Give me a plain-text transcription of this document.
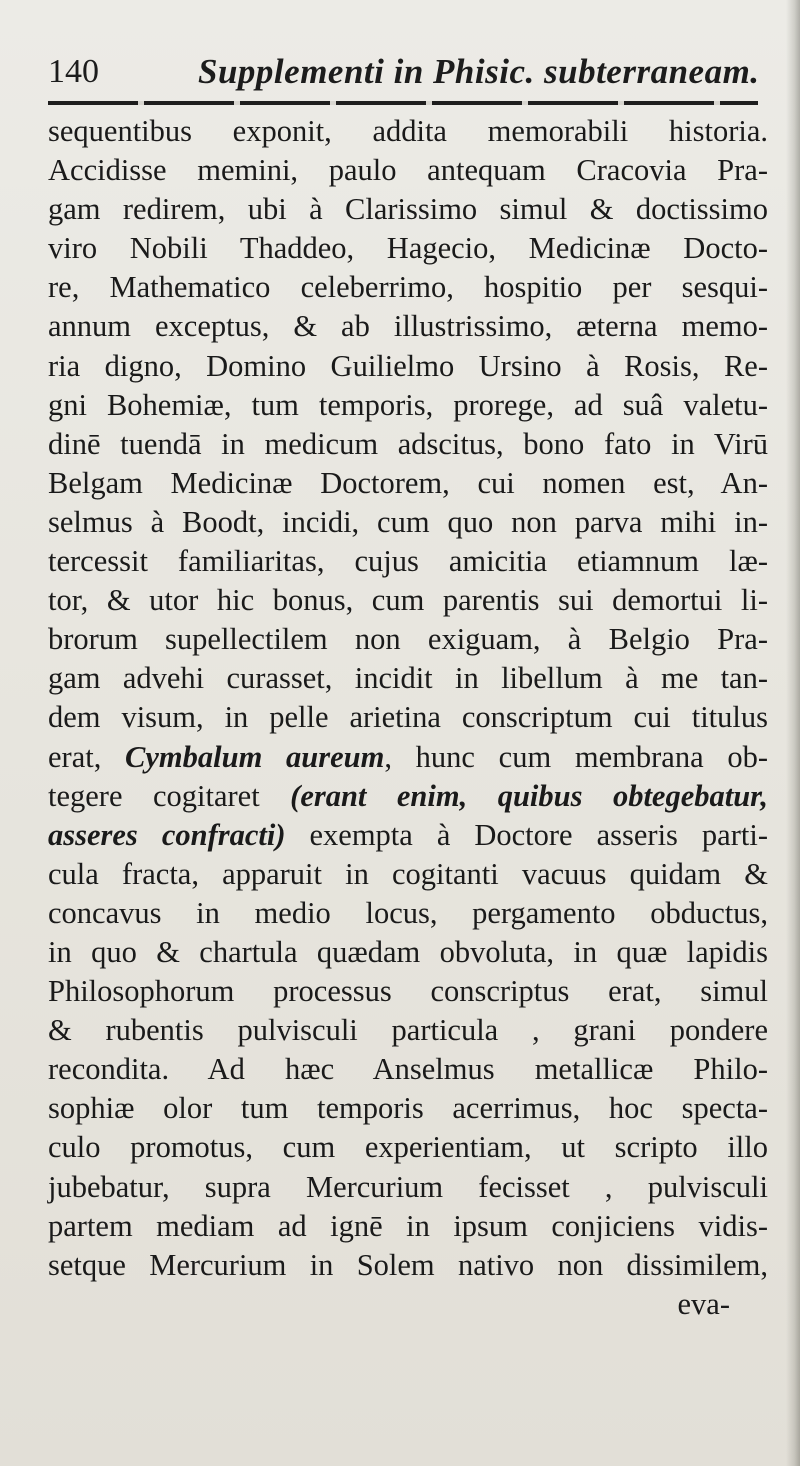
140	Supplementi in Phisic. subterraneam.
sequentibus exponit, addita memorabili historia.
Accidisse memini, paulo antequam Cracovia Pra-
gam redirem, ubi à Clarissimo simul & doctissimo
viro Nobili Thaddeo, Hagecio, Medicinæ Docto-
re, Mathematico celeberrimo, hospitio per sesqui-
annum exceptus, & ab illustrissimo, æterna memo-
ria digno, Domino Guilielmo Ursino à Rosis, Re-
gni Bohemiæ, tum temporis, prorege, ad suâ valetu-
dinē tuendā in medicum adscitus, bono fato in Virū
Belgam Medicinæ Doctorem, cui nomen est, An-
selmus à Boodt, incidi, cum quo non parva mihi in-
tercessit familiaritas, cujus amicitia etiamnum læ-
tor, & utor hic bonus, cum parentis sui demortui li-
brorum supellectilem non exiguam, à Belgio Pra-
gam advehi curasset, incidit in libellum à me tan-
dem visum, in pelle arietina conscriptum cui titulus
erat, Cymbalum aureum, hunc cum membrana ob-
tegere cogitaret (erant enim, quibus obtegebatur,
asseres confracti) exempta à Doctore asseris parti-
cula fracta, apparuit in cogitanti vacuus quidam &
concavus in medio locus, pergamento obductus,
in quo & chartula quædam obvoluta, in quæ lapidis
Philosophorum processus conscriptus erat, simul
& rubentis pulvisculi particula , grani pondere
recondita. Ad hæc Anselmus metallicæ Philo-
sophiæ olor tum temporis acerrimus, hoc specta-
culo promotus, cum experientiam, ut scripto illo
jubebatur, supra Mercurium fecisset , pulvisculi
partem mediam ad ignē in ipsum conjiciens vidis-
setque Mercurium in Solem nativo non dissimilem,
eva-
